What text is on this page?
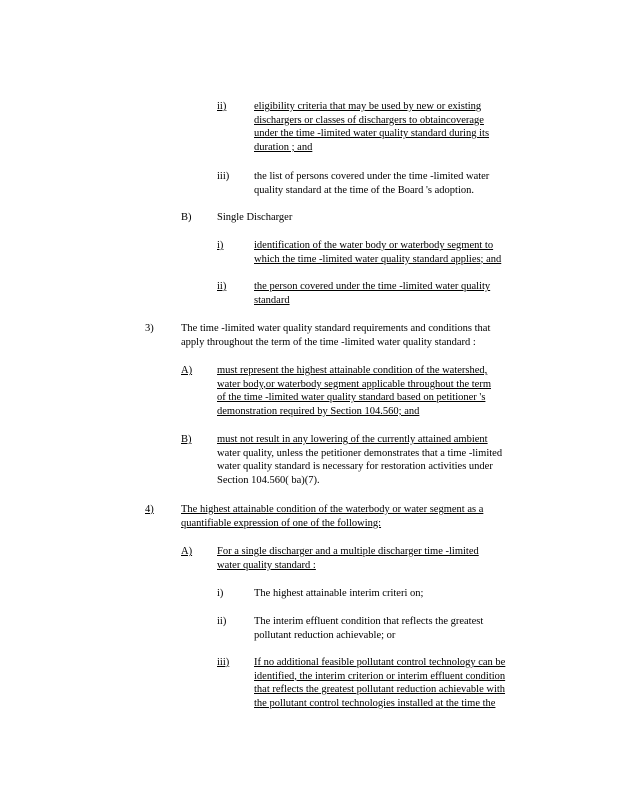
ii)	eligibility criteria that may be used by new or existing
dischargers or classes of dischargers to obtaincoverage
under the time -limited water quality standard during its
duration ; and
iii) the list of persons covered under the time -limited water
quality standard at the time of the Board 's adoption.
B) Single Discharger
i)	identification of the water body or waterbody segment to
which the time -limited water quality standard applies; and
ii)	the person covered under the time -limited water quality
standard
3)	The time -limited water quality standard requirements and conditions that
apply throughout the term of the time -limited water quality standard :
A) must represent the highest attainable condition of the watershed,
water body,or waterbody segment applicable throughout the term
of the time -limited water quality standard based on petitioner 's
demonstration required by Section 104.560; and
B) must not result in any lowering of the currently attained ambient
water quality, unless the petitioner demonstrates that a time -limited
water quality standard is necessary for restoration activities under
Section 104.560( ba)(7).
4)	The highest attainable condition of the waterbody or water segment as a
quantifiable expression of one of the following:
A) For a single discharger and a multiple discharger time -limited
water quality standard :
i)	The highest attainable interim criteri on;
ii)	The interim effluent condition that reflects the greatest
pollutant reduction achievable; or
iii) If no additional feasible pollutant control technology can be
identified, the interim criterion or interim effluent condition
that reflects the greatest pollutant reduction achievable with
the pollutant control technologies installed at the time the
